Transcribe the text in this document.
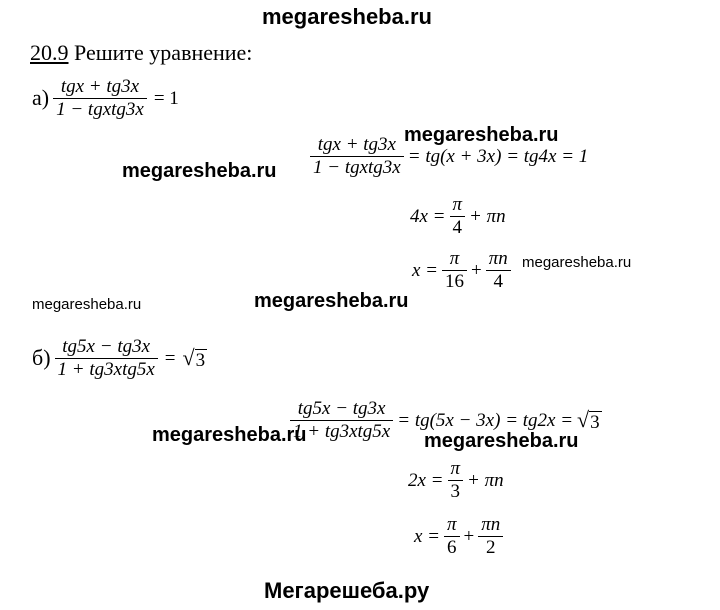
megaresheba.ru
20.9 Решите уравнение:
$а) \frac{\text{tgx + tg3x}}{\text{1 − tgxtg3x}} = 1$
$\frac{\text{tgx + tg3x}}{\text{1 − tgxtg3x}} = tg(x + 3x) = tg4x = 1$
$4x = \frac{\pi}{4} + \pi n$
$x = \frac{\pi}{16} + \frac{\pi n}{4}$
$б) \frac{tg5x - tg3x}{\text{1 + tg3xtg5x}}$ = √ 3
$\frac{tg5x - tg3x}{\text{1 + tg3xtg5x}} = tg(5x - 3x) = tg2x$ = √ 3
$2x = \frac{\pi}{3} + \pi n$
$x = \frac{\pi}{6} + \frac{\pi n}{2}$
megaresheba.ru
megaresheba.ru
megaresheba.ru
megaresheba.ru	megaresheba.ru
megaresheba.ru	megaresheba.ru
Мегарешеба.ру
